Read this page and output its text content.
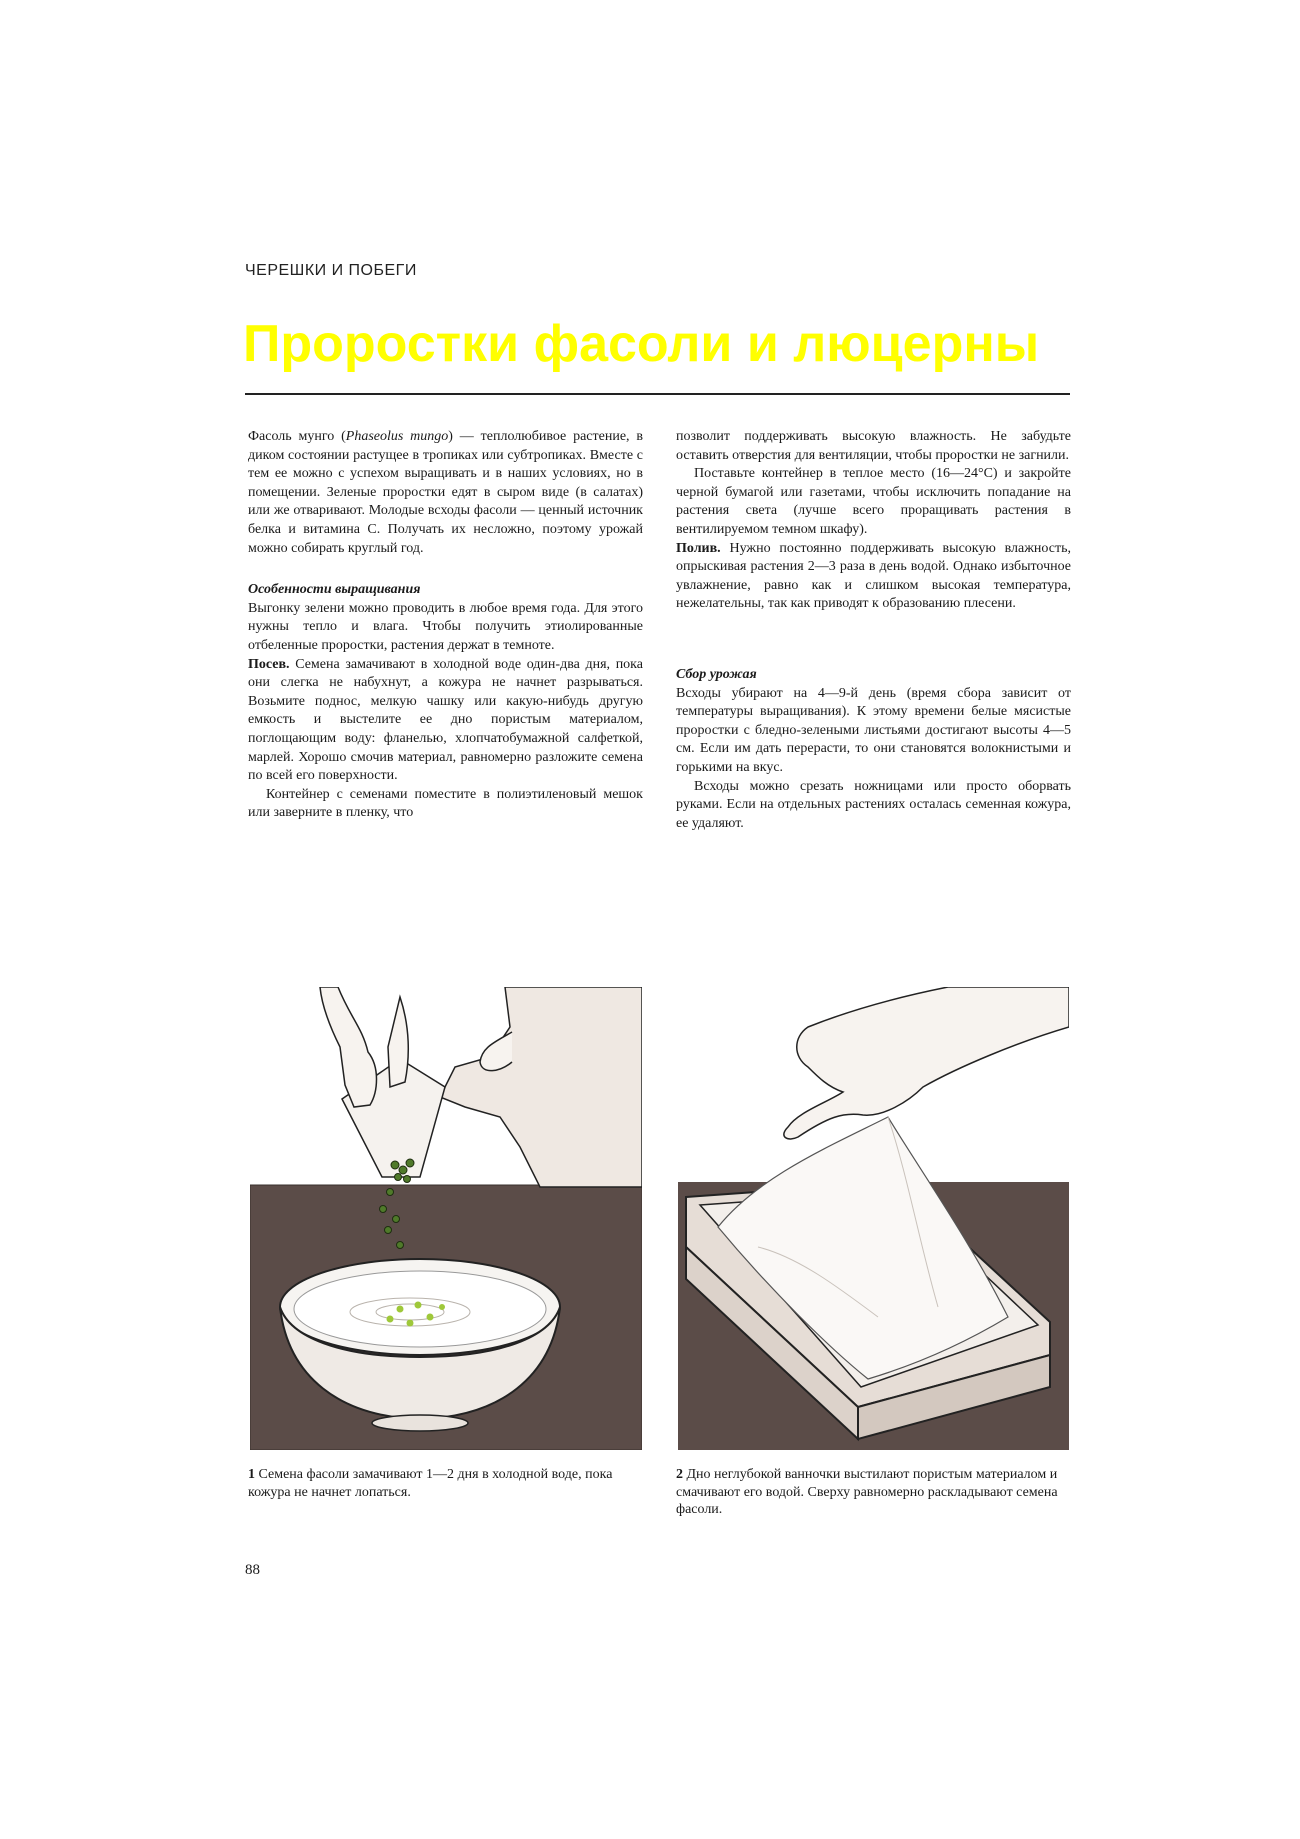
ЧЕРЕШКИ И ПОБЕГИ
Проростки фасоли и люцерны

Фасоль мунго (Phaseolus mungo) — теплолюбивое растение, в диком состоянии растущее в тропиках или субтропиках. Вместе с тем ее можно с успехом выращивать и в наших условиях, но в помещении. Зеленые проростки едят в сыром виде (в салатах) или же отваривают. Молодые всходы фасоли — ценный источник белка и витамина С. Получать их несложно, поэтому урожай можно собирать круглый год.

Особенности выращивания

Выгонку зелени можно проводить в любое время года. Для этого нужны тепло и влага. Чтобы получить этиолированные отбеленные проростки, растения держат в темноте.

Посев. Семена замачивают в холодной воде один-два дня, пока они слегка не набухнут, а кожура не начнет разрываться. Возьмите поднос, мелкую чашку или какую-нибудь другую емкость и выстелите ее дно пористым материалом, поглощающим воду: фланелью, хлопчатобумажной салфеткой, марлей. Хорошо смочив материал, равномерно разложите семена по всей его поверхности.

Контейнер с семенами поместите в полиэтиленовый мешок или заверните в пленку, что

позволит поддерживать высокую влажность. Не забудьте оставить отверстия для вентиляции, чтобы проростки не загнили.

Поставьте контейнер в теплое место (16—24°С) и закройте черной бумагой или газетами, чтобы исключить попадание на растения света (лучше всего проращивать растения в вентилируемом темном шкафу).

Полив. Нужно постоянно поддерживать высокую влажность, опрыскивая растения 2—3 раза в день водой. Однако избыточное увлажнение, равно как и слишком высокая температура, нежелательны, так как приводят к образованию плесени.

Сбор урожая

Всходы убирают на 4—9-й день (время сбора зависит от температуры выращивания). К этому времени белые мясистые проростки с бледно-зелеными листьями достигают высоты 4—5 см. Если им дать перерасти, то они становятся волокнистыми и горькими на вкус.

Всходы можно срезать ножницами или просто оборвать руками. Если на отдельных растениях осталась семенная кожура, ее удаляют.

1 Семена фасоли замачивают 1—2 дня в холодной воде, пока кожура не начнет лопаться.
2 Дно неглубокой ванночки выстилают пористым материалом и смачивают его водой. Сверху равномерно раскладывают семена фасоли.
88
